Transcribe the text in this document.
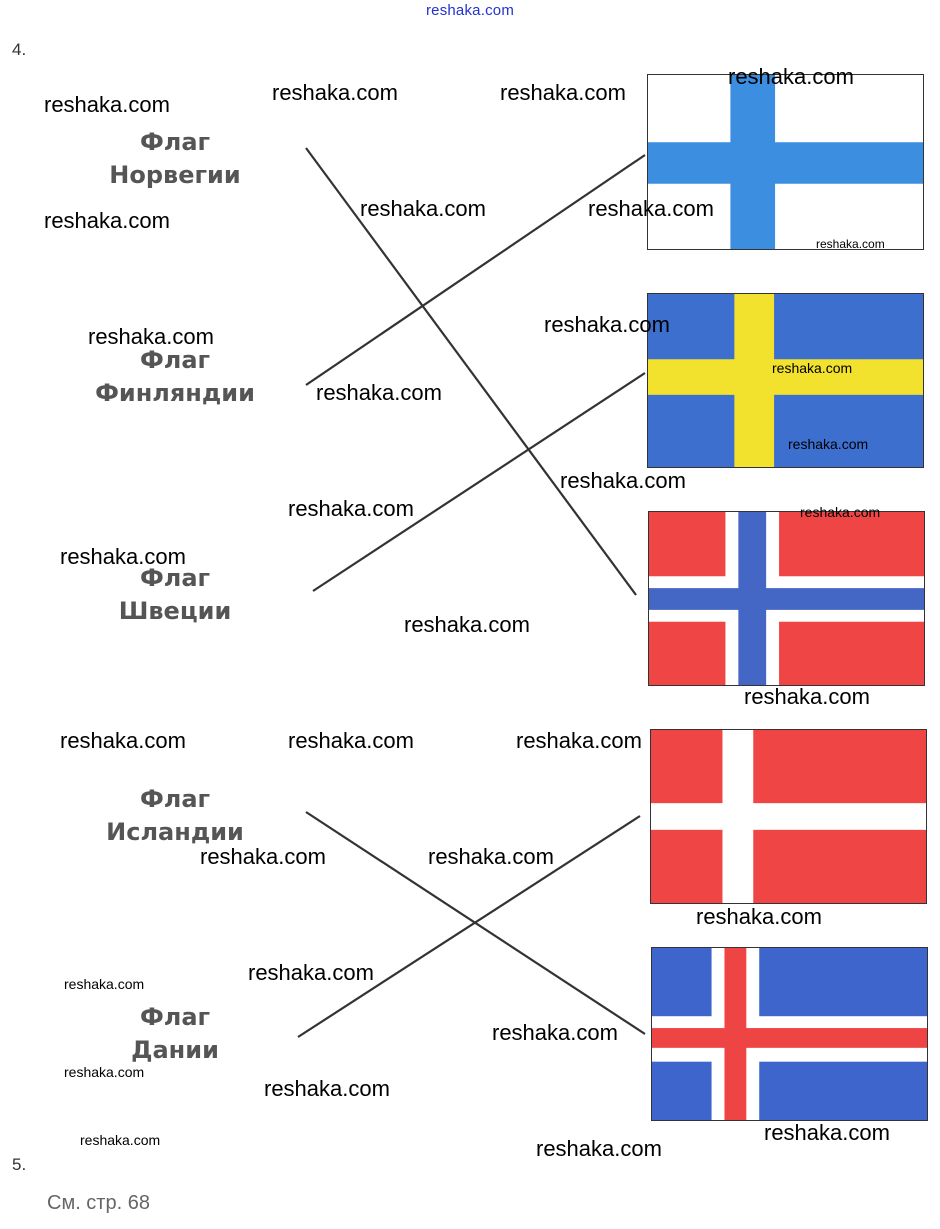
reshaka.com
4.
Флаг
Норвегии
Флаг
Финляндии
Флаг
Швеции
Флаг
Исландии
Флаг
Дании
reshaka.com	reshaka.com	reshaka.com
reshaka.com
reshaka.com	reshaka.com	reshaka.com
reshaka.com	reshaka.com
reshaka.com
reshaka.com
reshaka.com
reshaka.com
reshaka.com
reshaka.com
reshaka.com	reshaka.com	reshaka.com
reshaka.com	reshaka.com
reshaka.com
reshaka.com
reshaka.com
reshaka.com
reshaka.com
reshaka.com
reshaka.com
reshaka.com
reshaka.com
reshaka.com
reshaka.com
reshaka.com
reshaka.com
5.
См. стр. 68
